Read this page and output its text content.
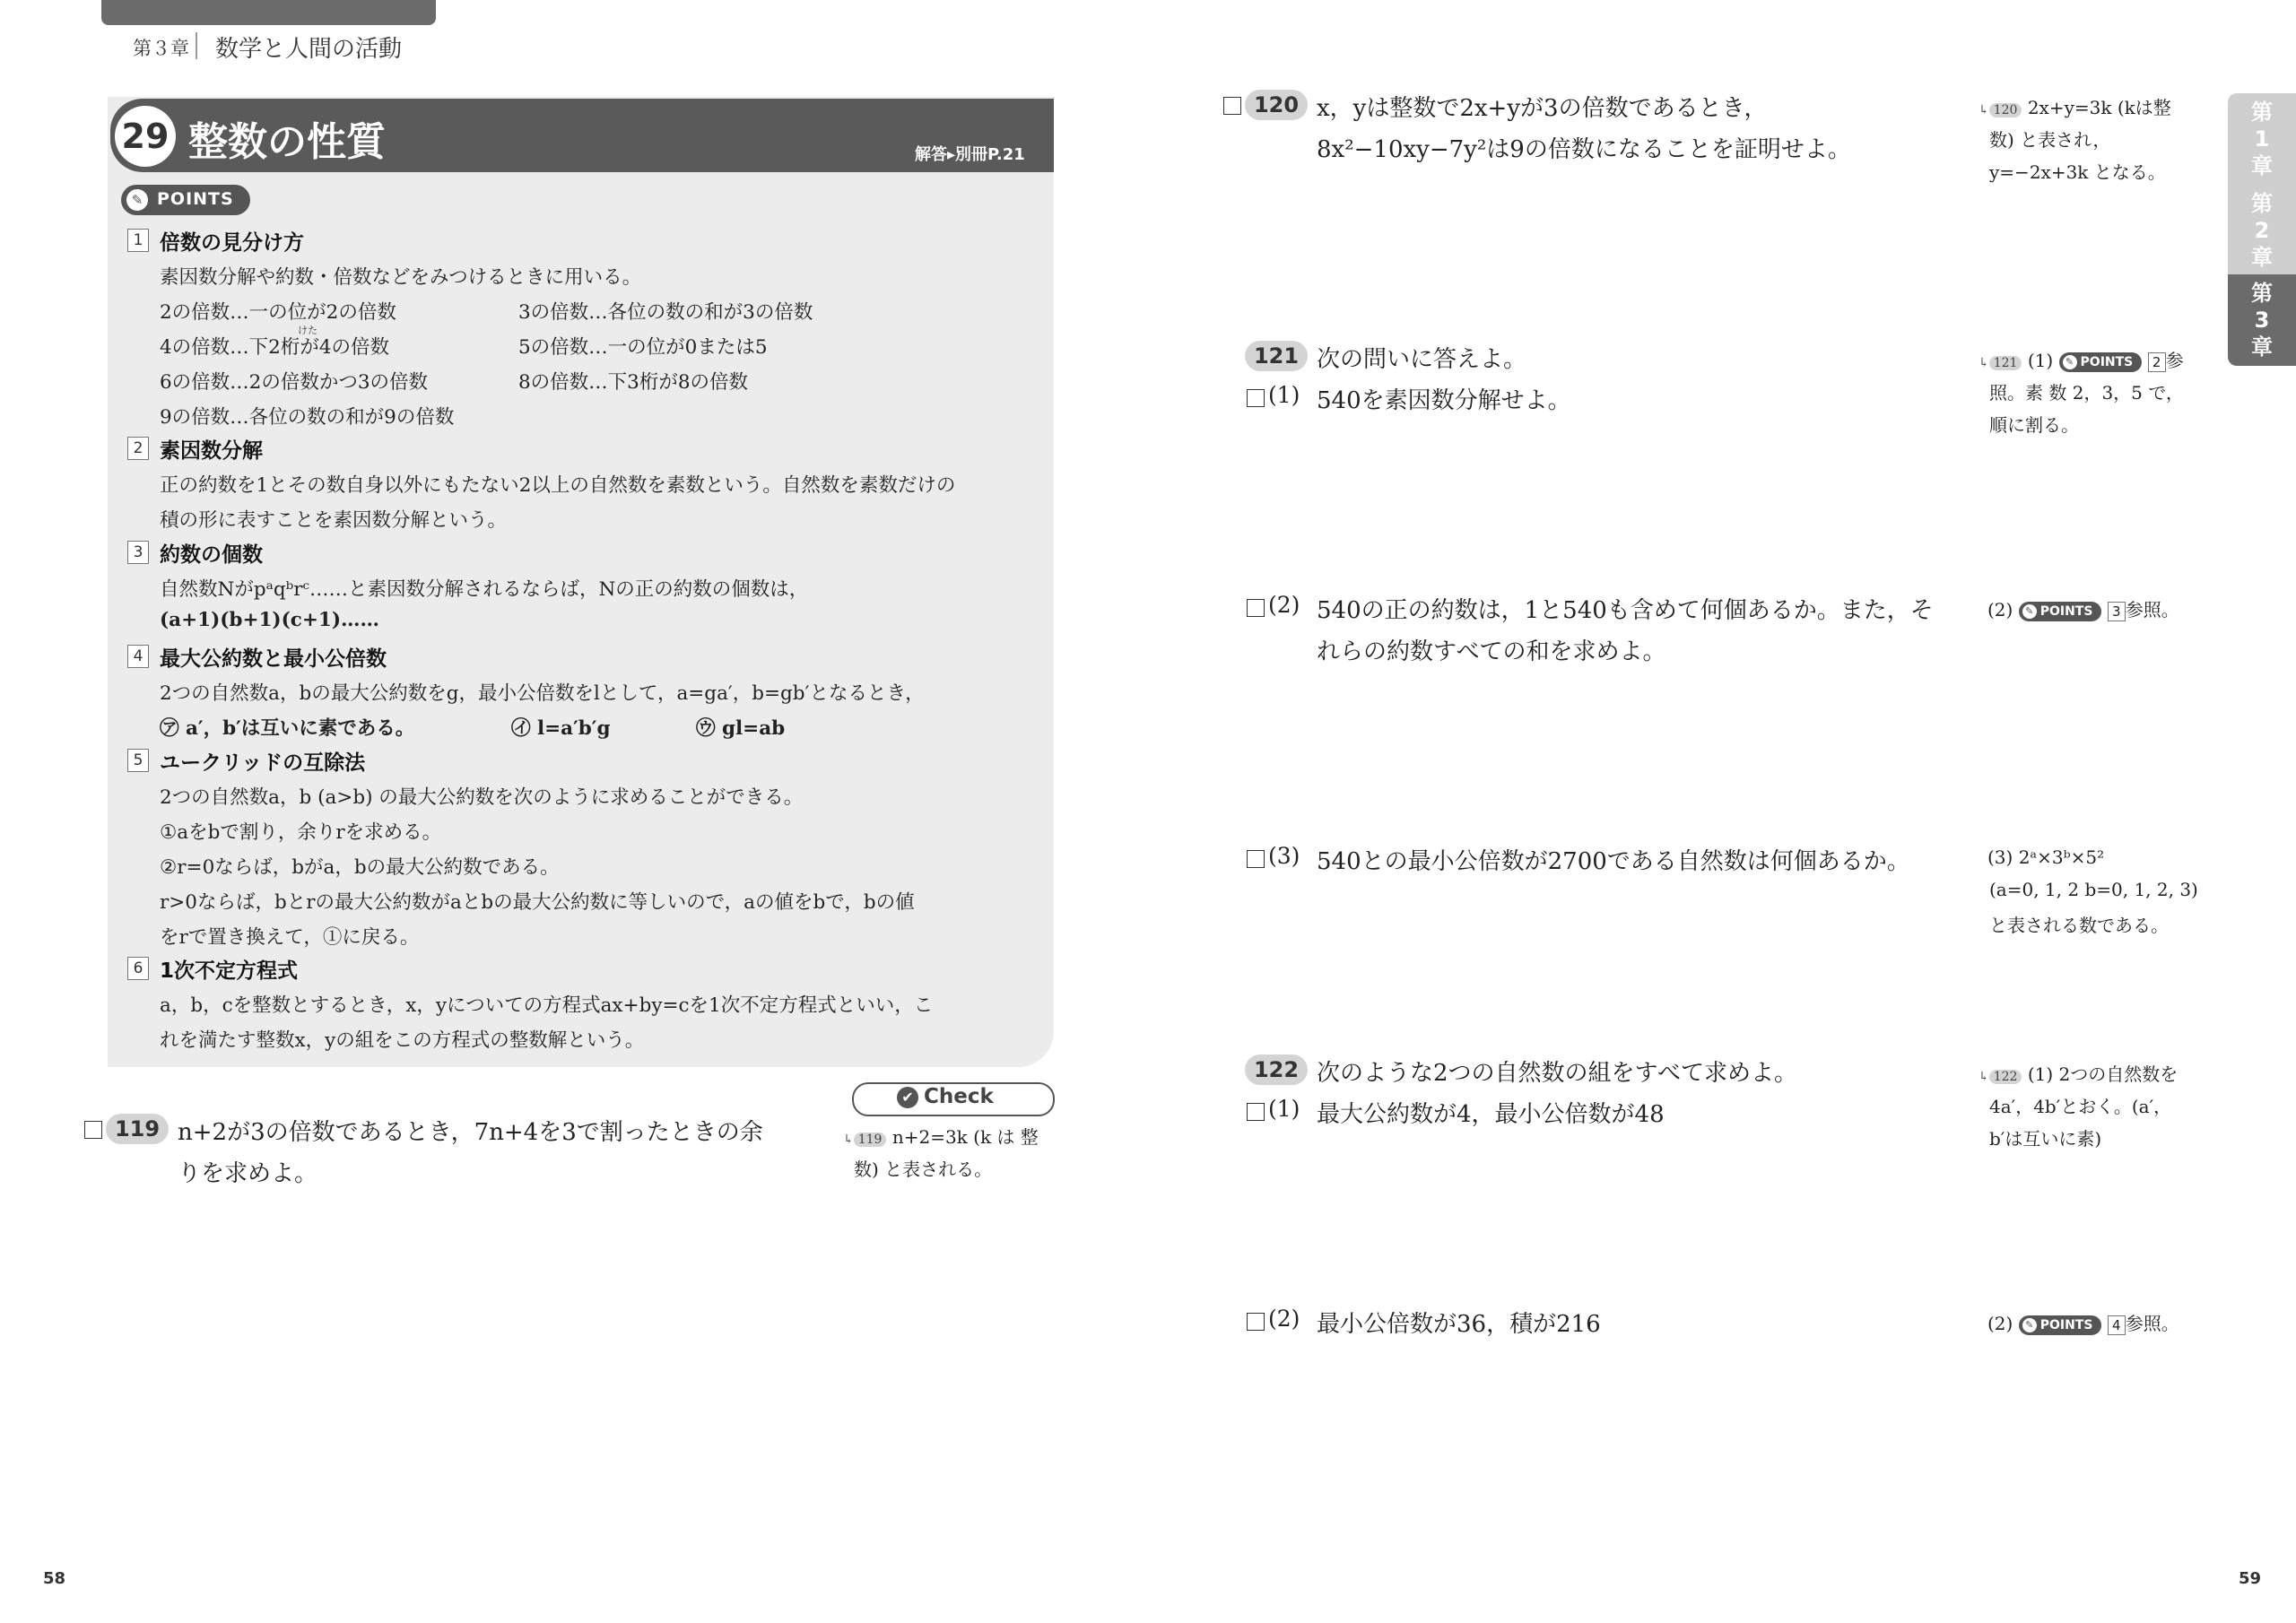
第３章 数学と人間の活動
29 整数の性質	解答▸別冊P.21
✎ POINTS
1 倍数の見分け方
素因数分解や約数・倍数などをみつけるときに用いる。
2の倍数…一の位が2の倍数	3の倍数…各位の数の和が3の倍数
けた
4の倍数…下2桁が4の倍数	5の倍数…一の位が0または5
6の倍数…2の倍数かつ3の倍数	8の倍数…下3桁が8の倍数
9の倍数…各位の数の和が9の倍数
2 素因数分解
正の約数を1とその数自身以外にもたない2以上の自然数を素数という。自然数を素数だけの
積の形に表すことを素因数分解という。
3 約数の個数
自然数Nがpᵃqᵇrᶜ……と素因数分解されるならば，Nの正の約数の個数は，
(a+1)(b+1)(c+1)……
4 最大公約数と最小公倍数
2つの自然数a，bの最大公約数をg，最小公倍数をlとして，a=ga′，b=gb′となるとき，
㋐ a′，b′は互いに素である。	㋑ l=a′b′g	㋒ gl=ab
5 ユークリッドの互除法
2つの自然数a，b (a>b) の最大公約数を次のように求めることができる。
①aをbで割り，余りrを求める。
②r=0ならば，bがa，bの最大公約数である。
r>0ならば，bとrの最大公約数がaとbの最大公約数に等しいので，aの値をbで，bの値
をrで置き換えて，①に戻る。
6 1次不定方程式
a，b，cを整数とするとき，x，yについての方程式ax+by=cを1次不定方程式といい，こ
れを満たす整数x，yの組をこの方程式の整数解という。
✔ Check
119 n+2が3の倍数であるとき，7n+4を3で割ったときの余
りを求めよ。
↳ 119 n+2=3k (k は 整
数) と表される。
120 x，yは整数で2x+yが3の倍数であるとき，
8x²−10xy−7y²は9の倍数になることを証明せよ。
↳ 120 2x+y=3k (kは整
数) と表され，
y=−2x+3k となる。
121 次の問いに答えよ。
(1) 540を素因数分解せよ。
↳ 121 (1) ✎ POINTS 2 参
照。素 数 2，3，5 で，
順に割る。
(2) 540の正の約数は，1と540も含めて何個あるか。また，そ
れらの約数すべての和を求めよ。
(2) ✎ POINTS 3 参照。
(3) 540との最小公倍数が2700である自然数は何個あるか。	(3) 2ᵃ×3ᵇ×5²
(a=0, 1, 2 b=0, 1, 2, 3)
と表される数である。
122 次のような2つの自然数の組をすべて求めよ。
(1) 最大公約数が4，最小公倍数が48
↳ 122 (1) 2つの自然数を
4a′，4b′とおく。(a′，
b′は互いに素)
(2) 最小公倍数が36，積が216	(2) ✎ POINTS 4 参照。
第1章
第2章
第3章
58	59
